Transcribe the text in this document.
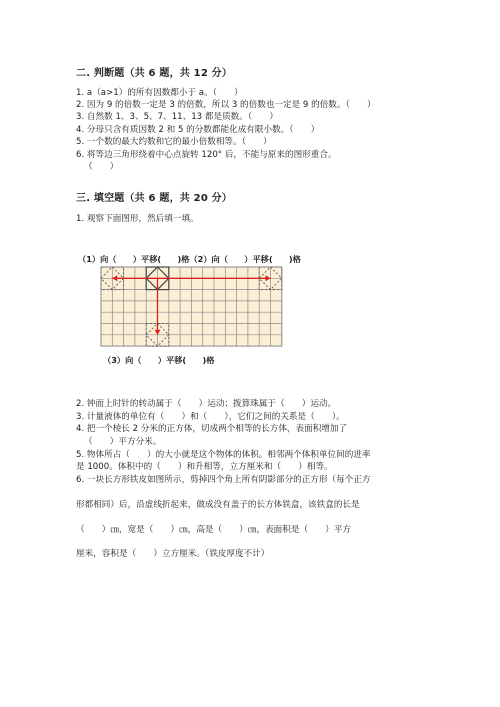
二. 判断题（共 6 题，共 12 分）
1. a（a>1）的所有因数都小于 a。（　　）
2. 因为 9 的倍数一定是 3 的倍数，所以 3 的倍数也一定是 9 的倍数。（　　）
3. 自然数 1、3、5、7、11、13 都是质数。（　　）
4. 分母只含有质因数 2 和 5 的分数都能化成有限小数。（　　）
5. 一个数的最大约数和它的最小倍数相等。（　　）
6. 将等边三角形绕着中心点旋转 120° 后，不能与原来的图形重合。
（　　）
三. 填空题（共 6 题，共 20 分）
1. 观察下面图形，然后填一填。
（1）向（　　）平移(　　)格（2）向（　　）平移(　　)格
（3）向（　　）平移(　　)格
2. 钟面上时针的转动属于（　　）运动；拨算珠属于（　　）运动。
3. 计量液体的单位有（　　）和（　　），它们之间的关系是（　　）。
4. 把一个棱长 2 分米的正方体，切成两个相等的长方体，表面积增加了
（　　）平方分米。
5. 物体所占（　　）的大小就是这个物体的体积。相邻两个体积单位间的进率
是 1000。体积中的（　　）和升相等，立方厘米和（　　）相等。
6. 一块长方形铁皮如图所示，剪掉四个角上所有阴影部分的正方形（每个正方
形都相同）后，沿虚线折起来，做成没有盖子的长方体铁盒，该铁盒的长是
（　　）㎝，宽是（　　）㎝，高是（　　）㎝，表面积是（　　）平方
厘米，容积是（　　）立方厘米。（铁皮厚度不计）
